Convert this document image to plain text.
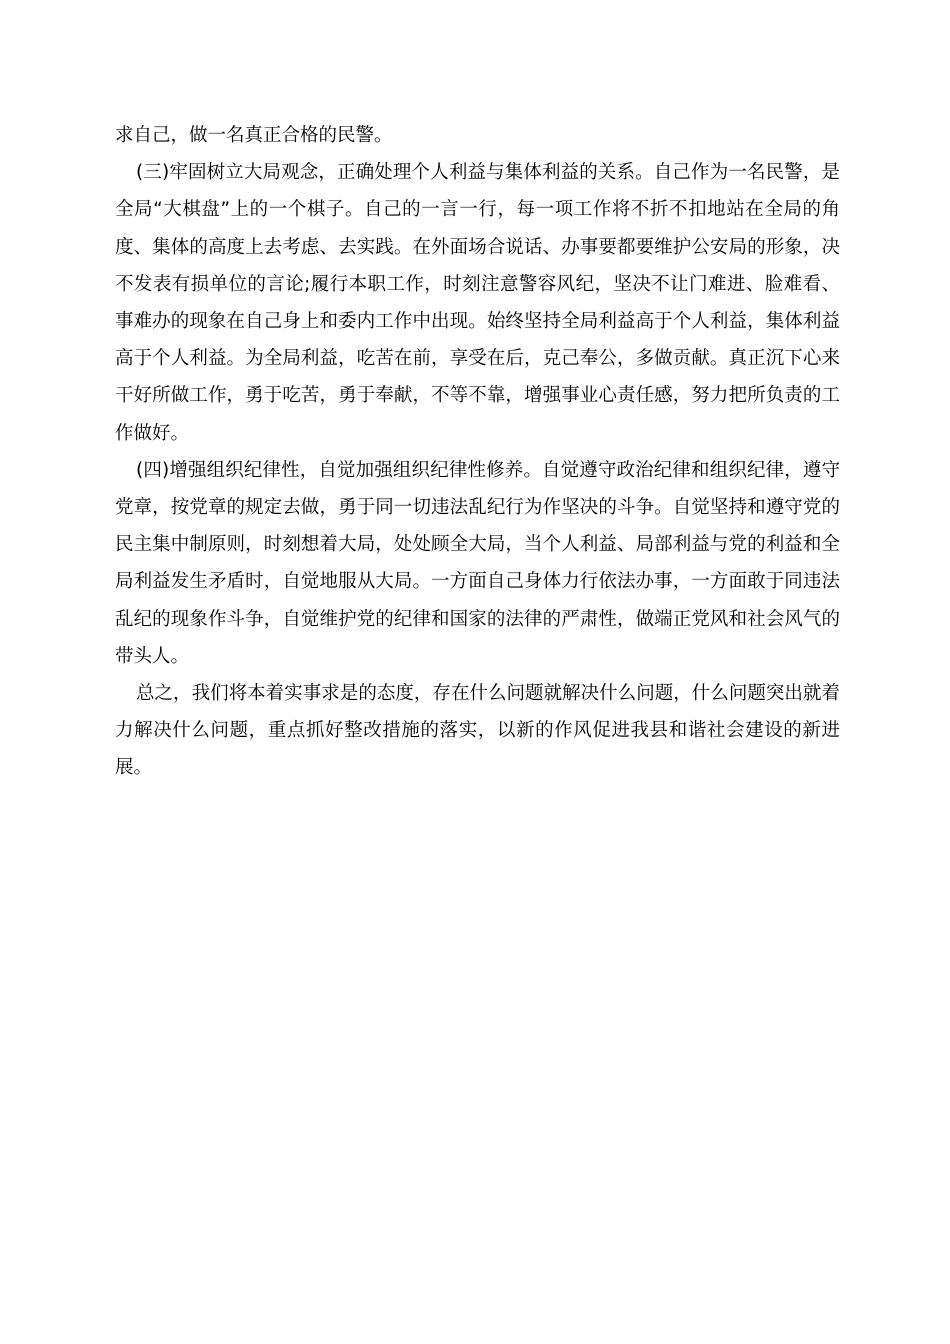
求自己，做一名真正合格的民警。

(三)牢固树立大局观念，正确处理个人利益与集体利益的关系。自己作为一名民警，是全局“大棋盘”上的一个棋子。自己的一言一行，每一项工作将不折不扣地站在全局的角度、集体的高度上去考虑、去实践。在外面场合说话、办事要都要维护公安局的形象，决不发表有损单位的言论;履行本职工作，时刻注意警容风纪，坚决不让门难进、脸难看、事难办的现象在自己身上和委内工作中出现。始终坚持全局利益高于个人利益，集体利益高于个人利益。为全局利益，吃苦在前，享受在后，克己奉公，多做贡献。真正沉下心来干好所做工作，勇于吃苦，勇于奉献，不等不靠，增强事业心责任感，努力把所负责的工作做好。

(四)增强组织纪律性，自觉加强组织纪律性修养。自觉遵守政治纪律和组织纪律，遵守党章，按党章的规定去做，勇于同一切违法乱纪行为作坚决的斗争。自觉坚持和遵守党的民主集中制原则，时刻想着大局，处处顾全大局，当个人利益、局部利益与党的利益和全局利益发生矛盾时，自觉地服从大局。一方面自己身体力行依法办事，一方面敢于同违法乱纪的现象作斗争，自觉维护党的纪律和国家的法律的严肃性，做端正党风和社会风气的带头人。

总之，我们将本着实事求是的态度，存在什么问题就解决什么问题，什么问题突出就着力解决什么问题，重点抓好整改措施的落实，以新的作风促进我县和谐社会建设的新进展。
